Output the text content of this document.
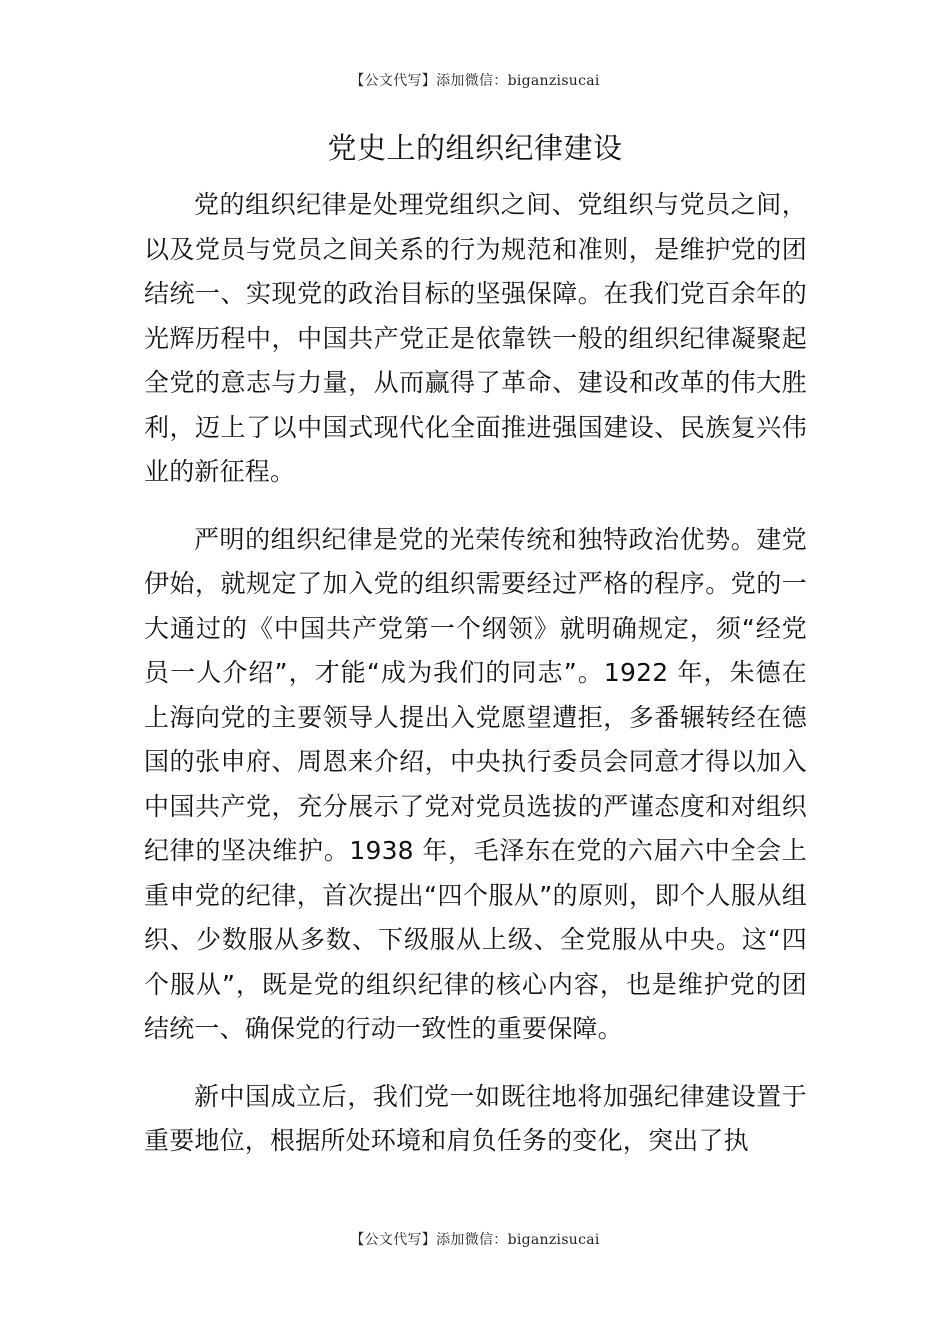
【公文代写】添加微信：biganzisucai
党史上的组织纪律建设

党的组织纪律是处理党组织之间、党组织与党员之间，以及党员与党员之间关系的行为规范和准则，是维护党的团结统一、实现党的政治目标的坚强保障。在我们党百余年的光辉历程中，中国共产党正是依靠铁一般的组织纪律凝聚起全党的意志与力量，从而赢得了革命、建设和改革的伟大胜利，迈上了以中国式现代化全面推进强国建设、民族复兴伟业的新征程。

严明的组织纪律是党的光荣传统和独特政治优势。建党伊始，就规定了加入党的组织需要经过严格的程序。党的一大通过的《中国共产党第一个纲领》就明确规定，须“经党员一人介绍”，才能“成为我们的同志”。1922 年，朱德在上海向党的主要领导人提出入党愿望遭拒，多番辗转经在德国的张申府、周恩来介绍，中央执行委员会同意才得以加入中国共产党，充分展示了党对党员选拔的严谨态度和对组织纪律的坚决维护。1938 年，毛泽东在党的六届六中全会上重申党的纪律，首次提出“四个服从”的原则，即个人服从组织、少数服从多数、下级服从上级、全党服从中央。这“四个服从”，既是党的组织纪律的核心内容，也是维护党的团结统一、确保党的行动一致性的重要保障。

新中国成立后，我们党一如既往地将加强纪律建设置于重要地位，根据所处环境和肩负任务的变化，突出了执

【公文代写】添加微信：biganzisucai
